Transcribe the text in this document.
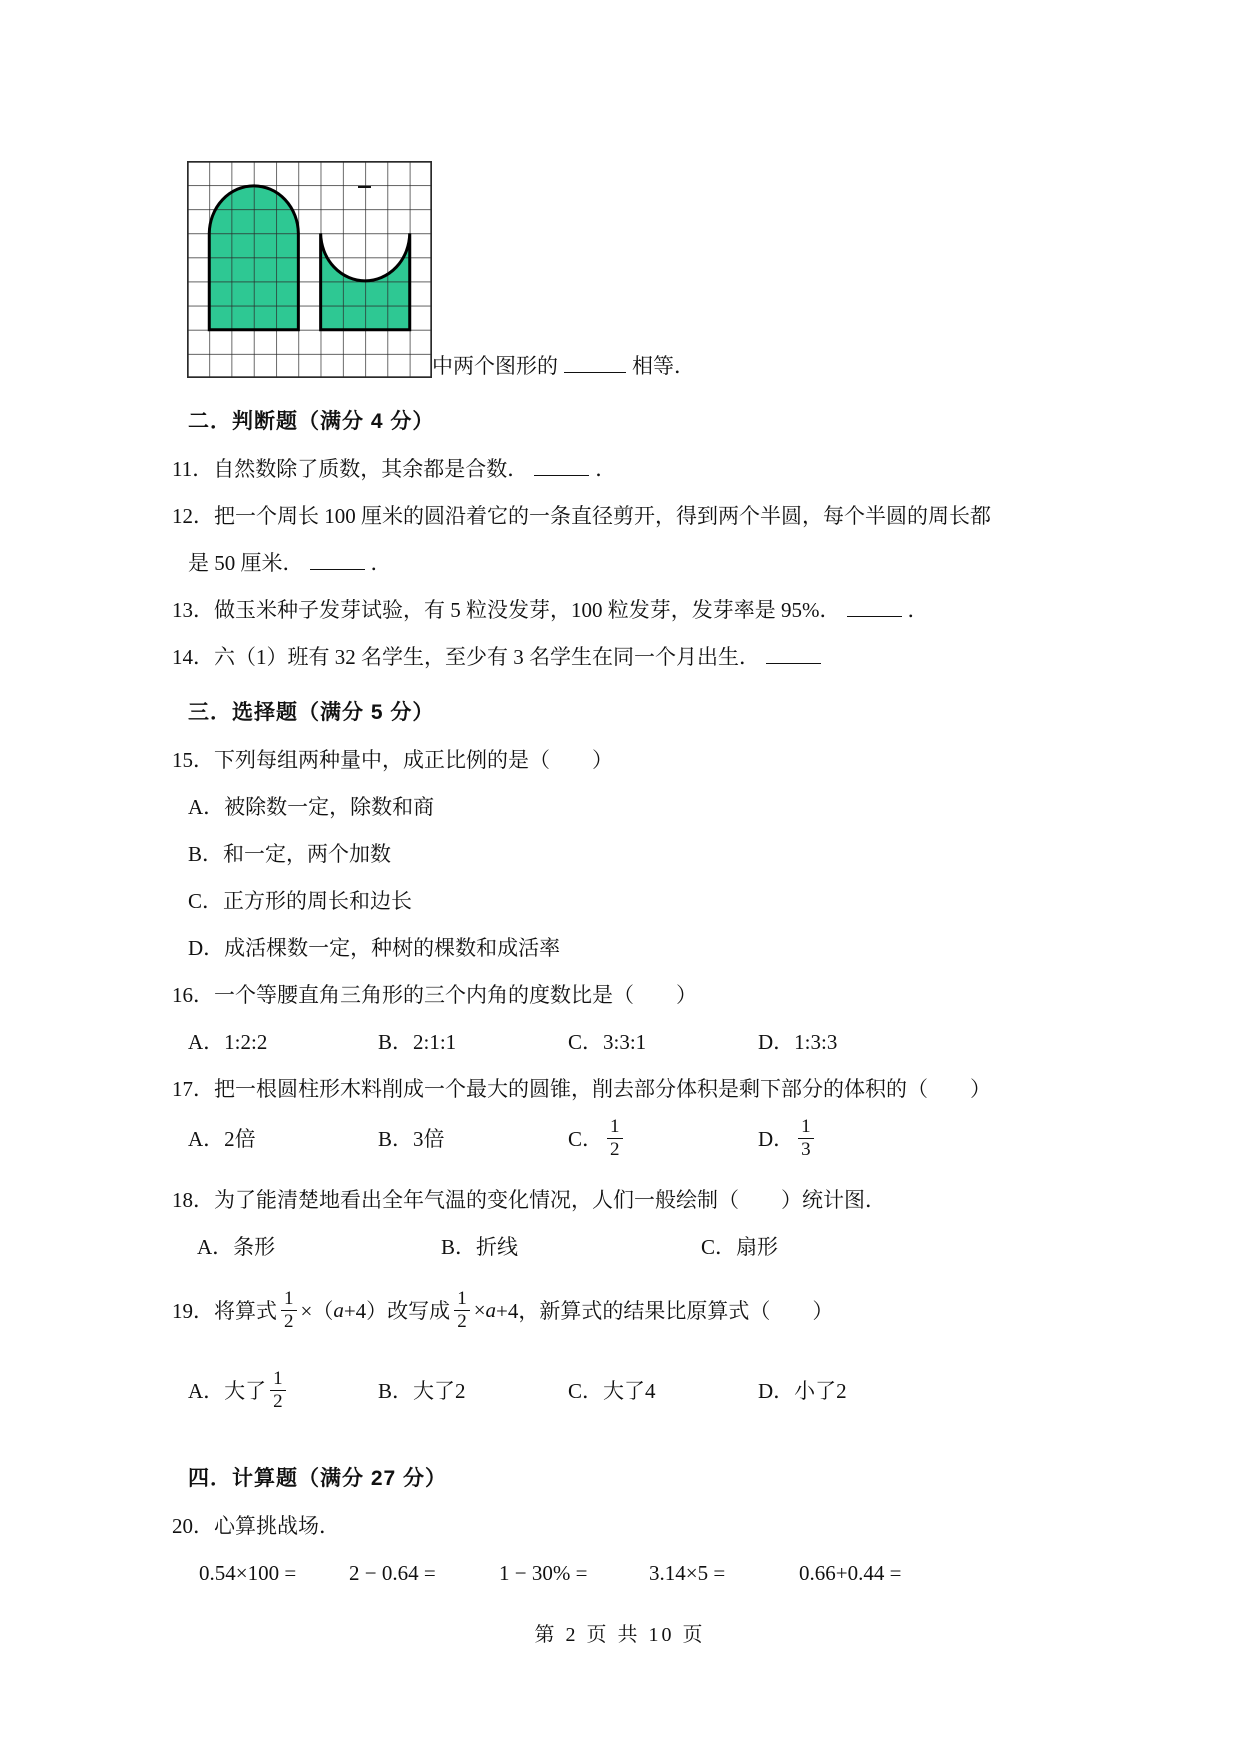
中两个图形的	相等．
二．判断题（满分 4 分）
11．自然数除了质数，其余都是合数．	．
12．把一个周长 100 厘米的圆沿着它的一条直径剪开，得到两个半圆，每个半圆的周长都
是 50 厘米．	．
13．做玉米种子发芽试验，有 5 粒没发芽，100 粒发芽，发芽率是 95%．	．
14．六（1）班有 32 名学生，至少有 3 名学生在同一个月出生．
三．选择题（满分 5 分）
15．下列每组两种量中，成正比例的是（　　）
A．被除数一定，除数和商
B．和一定，两个加数
C．正方形的周长和边长
D．成活棵数一定，种树的棵数和成活率
16．一个等腰直角三角形的三个内角的度数比是（　　）
A．1:2:2	B．2:1:1	C．3:3:1	D．1:3:3
17．把一根圆柱形木料削成一个最大的圆锥，削去部分体积是剩下部分的体积的（　　）
A．2倍	B．3倍	C． $\frac{1}{2}$	D． $\frac{1}{3}$
18．为了能清楚地看出全年气温的变化情况，人们一般绘制（　　）统计图．
A．条形	B．折线	C．扇形
19．将算式 $\frac{1}{2}$ ×（ a +4）改写成 $\frac{1}{2} \times a +4$，新算式的结果比原算式（　　）
A．大了 $\frac{1}{2}$	B．大了2	C．大了4	D．小了2
四．计算题（满分 27 分）
20．心算挑战场．
0.54×100 =	2 − 0.64 =	1 − 30% =	3.14×5 =	0.66+0.44 =
第 2 页 共 10 页
